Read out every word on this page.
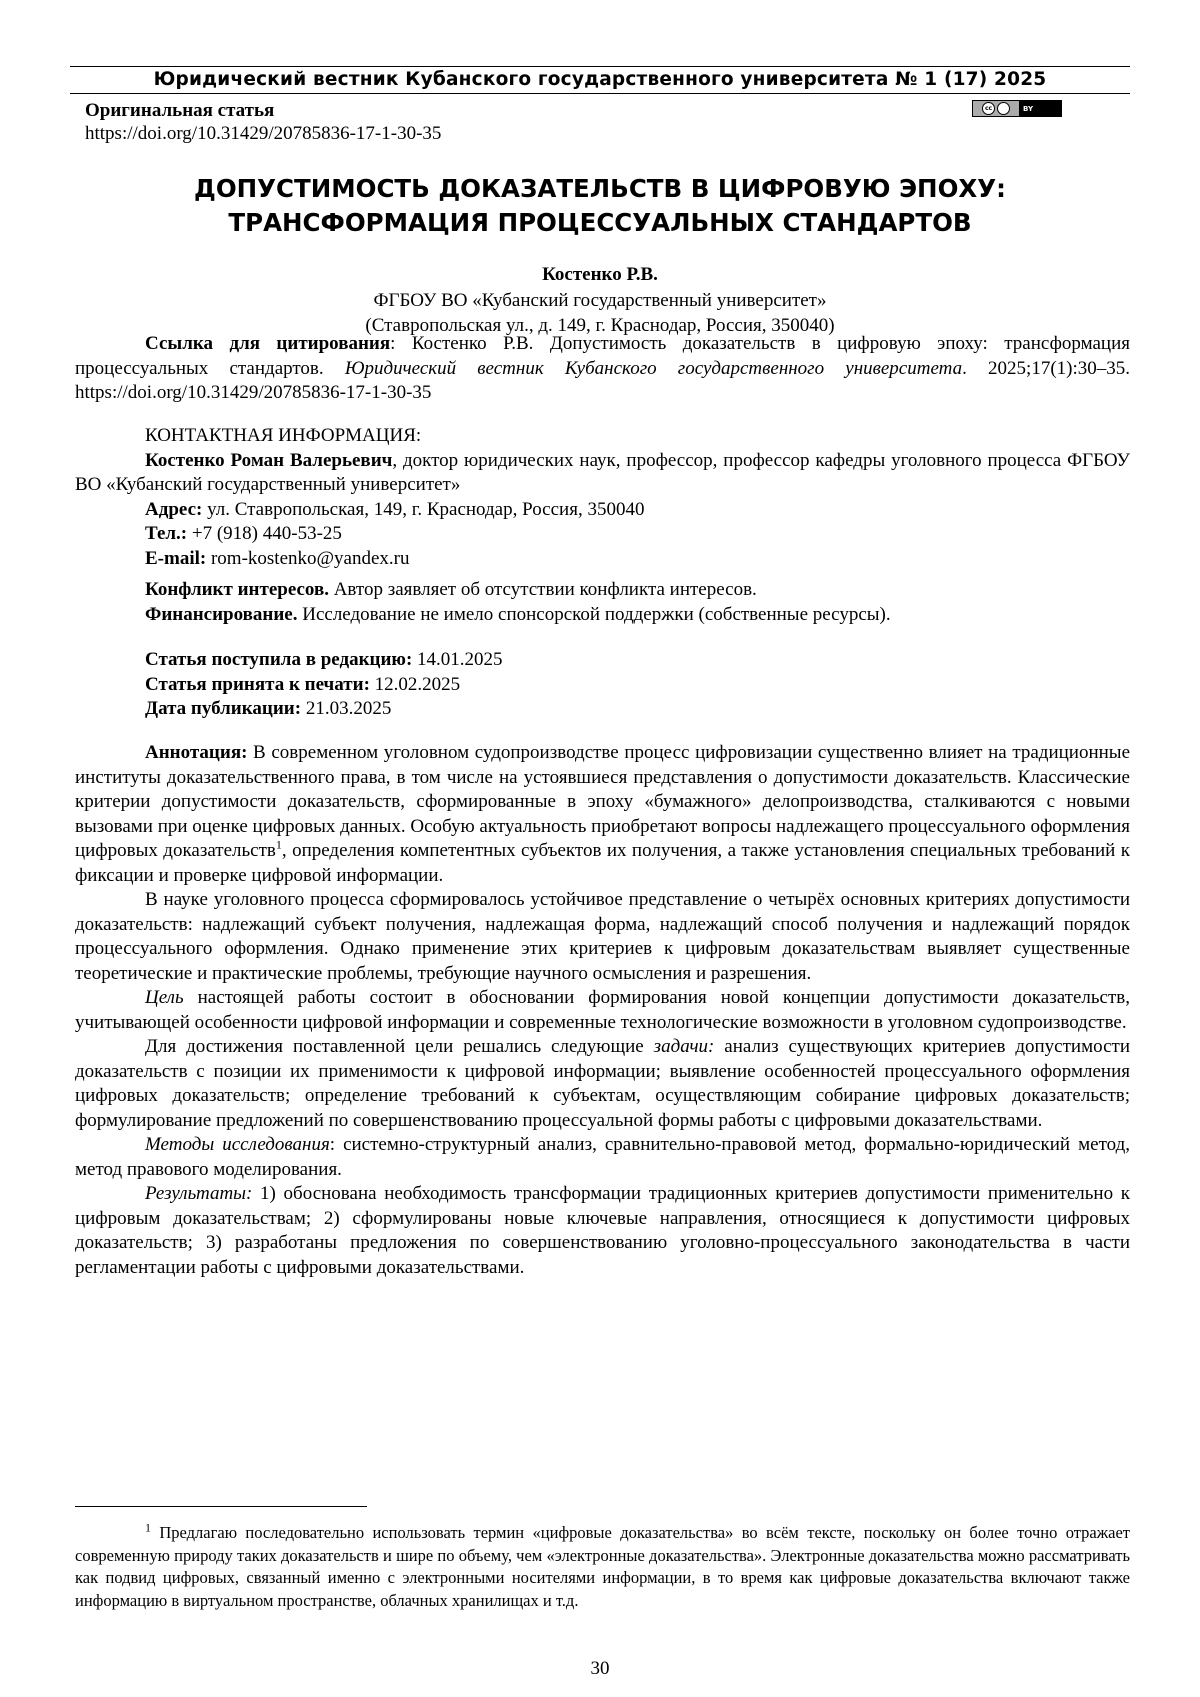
Юридический вестник Кубанского государственного университета № 1 (17) 2025
Оригинальная статья
https://doi.org/10.31429/20785836-17-1-30-35
cc	BY
ДОПУСТИМОСТЬ ДОКАЗАТЕЛЬСТВ В ЦИФРОВУЮ ЭПОХУ:
ТРАНСФОРМАЦИЯ ПРОЦЕССУАЛЬНЫХ СТАНДАРТОВ
Костенко Р.В.
ФГБОУ ВО «Кубанский государственный университет»
(Ставропольская ул., д. 149, г. Краснодар, Россия, 350040)
Ссылка для цитирования: Костенко Р.В. Допустимость доказательств в цифровую эпоху: трансформация процессуальных стандартов. Юридический вестник Кубанского государственного университета. 2025;17(1):30–35. https://doi.org/10.31429/20785836-17-1-30-35

КОНТАКТНАЯ ИНФОРМАЦИЯ:

Костенко Роман Валерьевич, доктор юридических наук, профессор, профессор кафедры уголовного процесса ФГБОУ ВО «Кубанский государственный университет»

Адрес: ул. Ставропольская, 149, г. Краснодар, Россия, 350040

Тел.: +7 (918) 440-53-25

E-mail: rom-kostenko@yandex.ru

Конфликт интересов. Автор заявляет об отсутствии конфликта интересов.

Финансирование. Исследование не имело спонсорской поддержки (собственные ресурсы).

Статья поступила в редакцию: 14.01.2025

Статья принята к печати: 12.02.2025

Дата публикации: 21.03.2025

Аннотация: В современном уголовном судопроизводстве процесс цифровизации существенно влияет на традиционные институты доказательственного права, в том числе на устоявшиеся представления о допустимости доказательств. Классические критерии допустимости доказательств, сформированные в эпоху «бумажного» делопроизводства, сталкиваются с новыми вызовами при оценке цифровых данных. Особую актуальность приобретают вопросы надлежащего процессуального оформления цифровых доказательств$^1$, определения компетентных субъектов их получения, а также установления специальных требований к фиксации и проверке цифровой информации.

В науке уголовного процесса сформировалось устойчивое представление о четырёх основных критериях допустимости доказательств: надлежащий субъект получения, надлежащая форма, надлежащий способ получения и надлежащий порядок процессуального оформления. Однако применение этих критериев к цифровым доказательствам выявляет существенные теоретические и практические проблемы, требующие научного осмысления и разрешения.

Цель настоящей работы состоит в обосновании формирования новой концепции допустимости доказательств, учитывающей особенности цифровой информации и современные технологические возможности в уголовном судопроизводстве.

Для достижения поставленной цели решались следующие задачи: анализ существующих критериев допустимости доказательств с позиции их применимости к цифровой информации; выявление особенностей процессуального оформления цифровых доказательств; определение требований к субъектам, осуществляющим собирание цифровых доказательств; формулирование предложений по совершенствованию процессуальной формы работы с цифровыми доказательствами.

Методы исследования: системно-структурный анализ, сравнительно-правовой метод, формально-юридический метод, метод правового моделирования.

Результаты: 1) обоснована необходимость трансформации традиционных критериев допустимости применительно к цифровым доказательствам; 2) сформулированы новые ключевые направления, относящиеся к допустимости цифровых доказательств; 3) разработаны предложения по совершенствованию уголовно-процессуального законодательства в части регламентации работы с цифровыми доказательствами.

$^1$ Предлагаю последовательно использовать термин «цифровые доказательства» во всём тексте, поскольку он более точно отражает современную природу таких доказательств и шире по объему, чем «электронные доказательства». Электронные доказательства можно рассматривать как подвид цифровых, связанный именно с электронными носителями информации, в то время как цифровые доказательства включают также информацию в виртуальном пространстве, облачных хранилищах и т.д.
30
